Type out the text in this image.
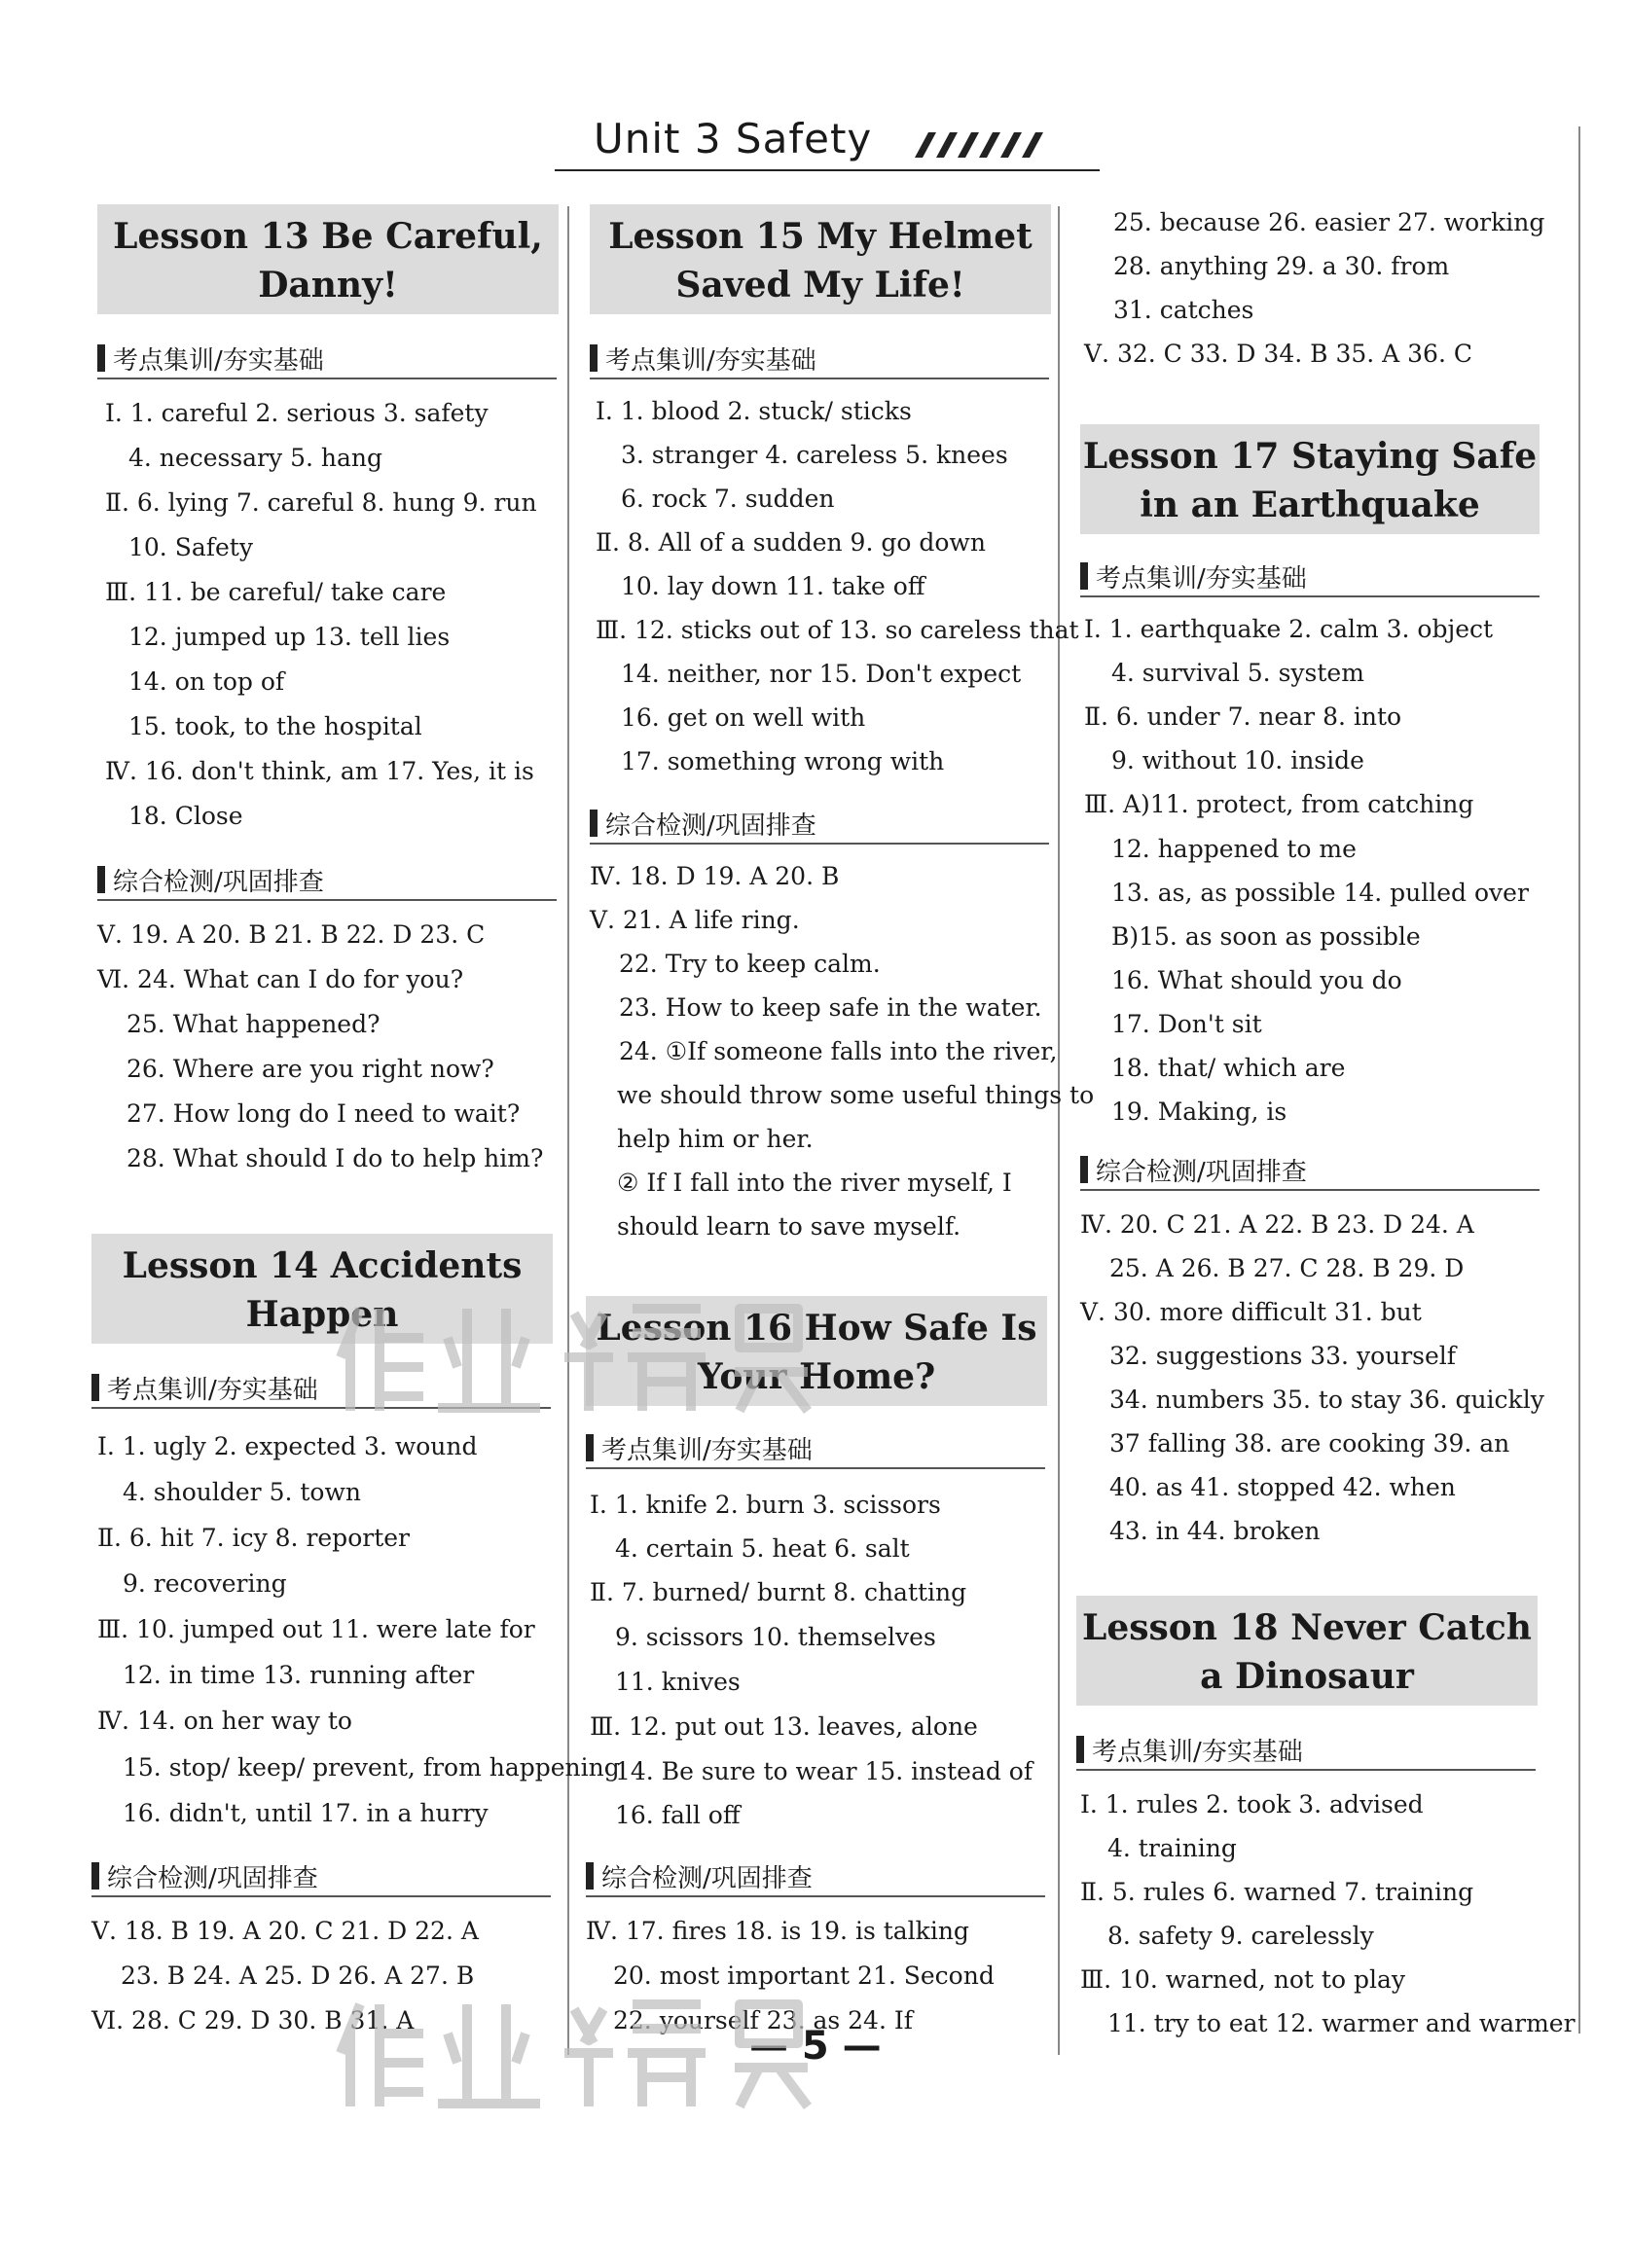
Unit 3 Safety
Lesson 13 Be Careful,
Danny!
考点集训/夯实基础
Ⅰ. 1. careful 2. serious 3. safety
4. necessary 5. hang
Ⅱ. 6. lying 7. careful 8. hung 9. run
10. Safety
Ⅲ. 11. be careful/ take care
12. jumped up 13. tell lies
14. on top of
15. took, to the hospital
Ⅳ. 16. don't think, am 17. Yes, it is
18. Close
综合检测/巩固排查
Ⅴ. 19. A 20. B 21. B 22. D 23. C
Ⅵ. 24. What can I do for you?
25. What happened?
26. Where are you right now?
27. How long do I need to wait?
28. What should I do to help him?
Lesson 14 Accidents
Happen
考点集训/夯实基础
Ⅰ. 1. ugly 2. expected 3. wound
4. shoulder 5. town
Ⅱ. 6. hit 7. icy 8. reporter
9. recovering
Ⅲ. 10. jumped out 11. were late for
12. in time 13. running after
Ⅳ. 14. on her way to
15. stop/ keep/ prevent, from happening
16. didn't, until 17. in a hurry
综合检测/巩固排查
Ⅴ. 18. B 19. A 20. C 21. D 22. A
23. B 24. A 25. D 26. A 27. B
Ⅵ. 28. C 29. D 30. B 31. A
Lesson 15 My Helmet
Saved My Life!
考点集训/夯实基础
Ⅰ. 1. blood 2. stuck/ sticks
3. stranger 4. careless 5. knees
6. rock 7. sudden
Ⅱ. 8. All of a sudden 9. go down
10. lay down 11. take off
Ⅲ. 12. sticks out of 13. so careless that
14. neither, nor 15. Don't expect
16. get on well with
17. something wrong with
综合检测/巩固排查
Ⅳ. 18. D 19. A 20. B
Ⅴ. 21. A life ring.
22. Try to keep calm.
23. How to keep safe in the water.
24. ①If someone falls into the river,
we should throw some useful things to
help him or her.
② If I fall into the river myself, I
should learn to save myself.
Lesson 16 How Safe Is
Your Home?
考点集训/夯实基础
Ⅰ. 1. knife 2. burn 3. scissors
4. certain 5. heat 6. salt
Ⅱ. 7. burned/ burnt 8. chatting
9. scissors 10. themselves
11. knives
Ⅲ. 12. put out 13. leaves, alone
14. Be sure to wear 15. instead of
16. fall off
综合检测/巩固排查
Ⅳ. 17. fires 18. is 19. is talking
20. most important 21. Second
22. yourself 23. as 24. If
25. because 26. easier 27. working
28. anything 29. a 30. from
31. catches
Ⅴ. 32. C 33. D 34. B 35. A 36. C
Lesson 17 Staying Safe
in an Earthquake
考点集训/夯实基础
Ⅰ. 1. earthquake 2. calm 3. object
4. survival 5. system
Ⅱ. 6. under 7. near 8. into
9. without 10. inside
Ⅲ. A)11. protect, from catching
12. happened to me
13. as, as possible 14. pulled over
B)15. as soon as possible
16. What should you do
17. Don't sit
18. that/ which are
19. Making, is
综合检测/巩固排查
Ⅳ. 20. C 21. A 22. B 23. D 24. A
25. A 26. B 27. C 28. B 29. D
Ⅴ. 30. more difficult 31. but
32. suggestions 33. yourself
34. numbers 35. to stay 36. quickly
37 falling 38. are cooking 39. an
40. as 41. stopped 42. when
43. in 44. broken
Lesson 18 Never Catch
a Dinosaur
考点集训/夯实基础
Ⅰ. 1. rules 2. took 3. advised
4. training
Ⅱ. 5. rules 6. warned 7. training
8. safety 9. carelessly
Ⅲ. 10. warned, not to play
11. try to eat 12. warmer and warmer
— 5 —
